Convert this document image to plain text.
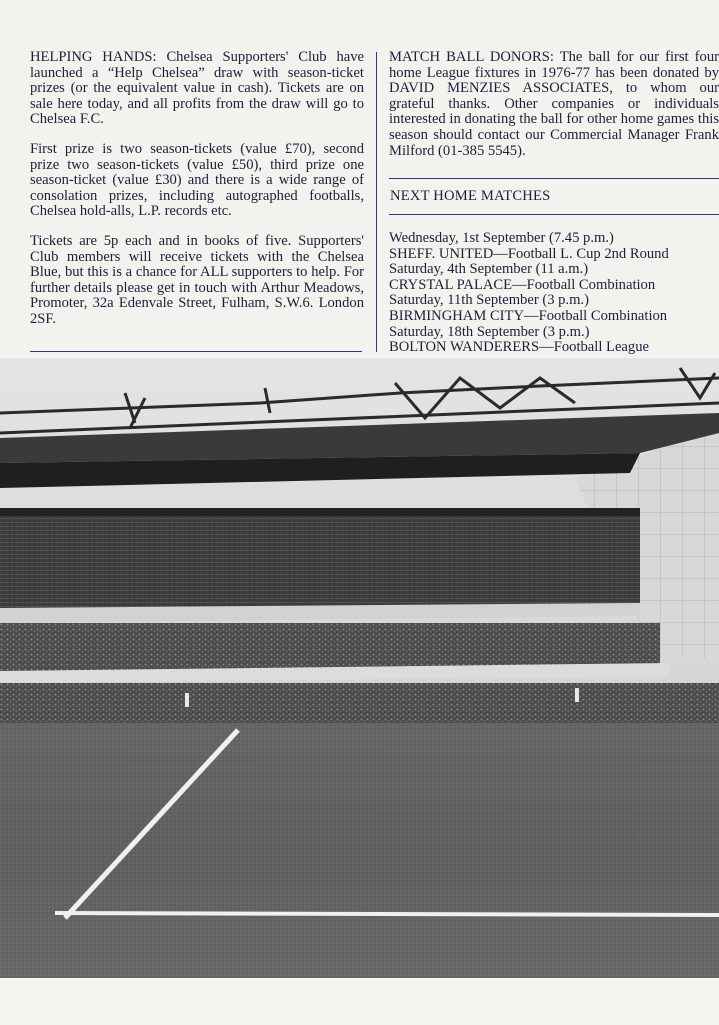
HELPING HANDS: Chelsea Supporters' Club have launched a “Help Chelsea” draw with season-ticket prizes (or the equivalent value in cash). Tickets are on sale here today, and all profits from the draw will go to Chelsea F.C.

First prize is two season-tickets (value £70), second prize two season-tickets (value £50), third prize one season-ticket (value £30) and there is a wide range of consolation prizes, including autographed footballs, Chelsea hold-alls, L.P. records etc.

Tickets are 5p each and in books of five. Supporters' Club members will receive tickets with the Chelsea Blue, but this is a chance for ALL supporters to help. For further details please get in touch with Arthur Meadows, Promoter, 32a Edenvale Street, Fulham, S.W.6. London 2SF.

MATCH BALL DONORS: The ball for our first four home League fixtures in 1976-77 has been donated by DAVID MENZIES ASSOCIATES, to whom our grateful thanks. Other companies or individuals interested in donating the ball for other home games this season should contact our Commercial Manager Frank Milford (01-385 5545).

NEXT HOME MATCHES
Wednesday, 1st September (7.45 p.m.)
SHEFF. UNITED—Football L. Cup 2nd Round
Saturday, 4th September (11 a.m.)
CRYSTAL PALACE—Football Combination
Saturday, 11th September (3 p.m.)
BIRMINGHAM CITY—Football Combination
Saturday, 18th September (3 p.m.)
BOLTON WANDERERS—Football League
